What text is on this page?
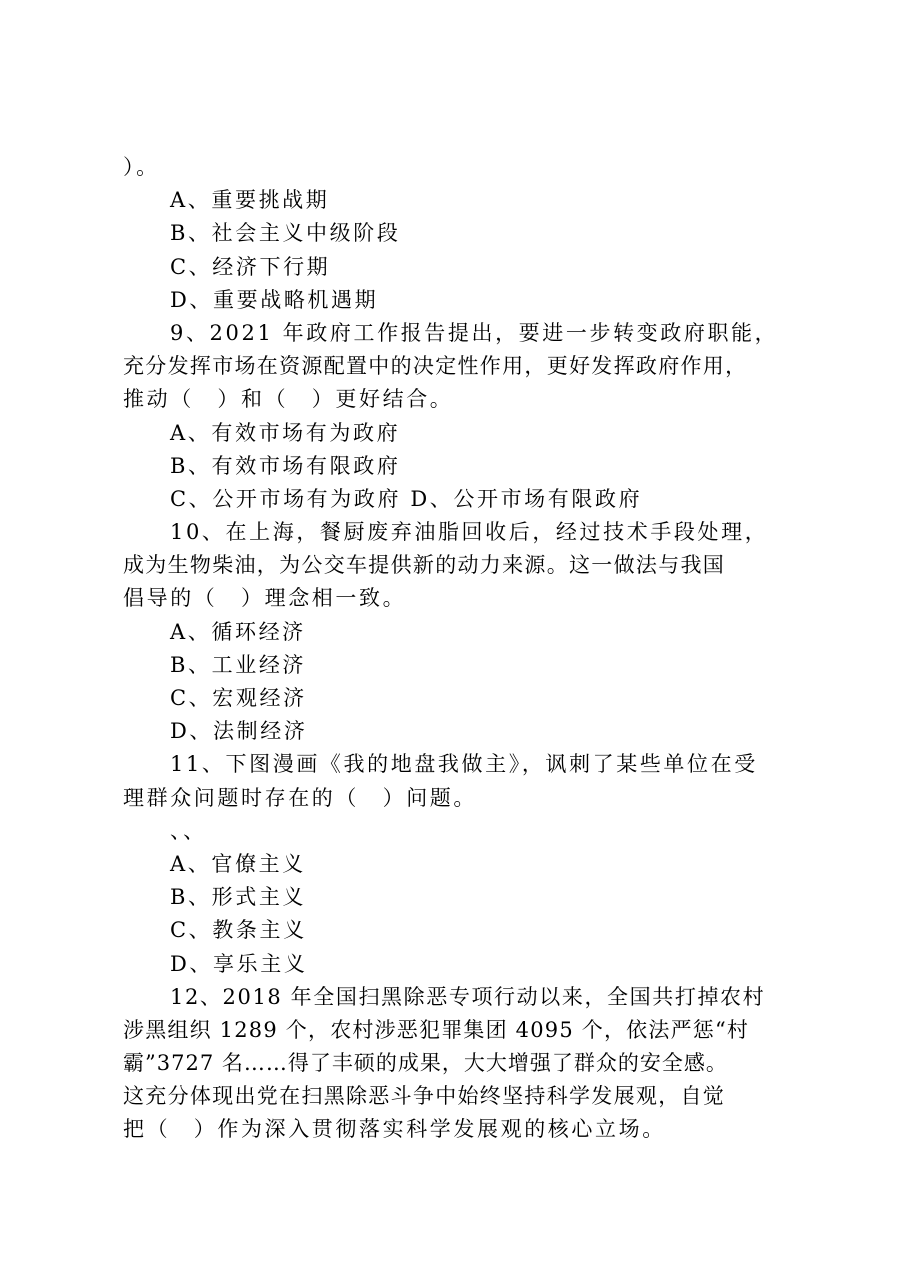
）。
A、重要挑战期
B、社会主义中级阶段
C、经济下行期
D、重要战略机遇期
9、2021 年政府工作报告提出，要进一步转变政府职能，
充分发挥市场在资源配置中的决定性作用，更好发挥政府作用，
推动（　）和（　）更好结合。
A、有效市场有为政府
B、有效市场有限政府
C、公开市场有为政府 D、公开市场有限政府
10、在上海，餐厨废弃油脂回收后，经过技术手段处理，
成为生物柴油，为公交车提供新的动力来源。这一做法与我国
倡导的（　）理念相一致。
A、循环经济
B、工业经济
C、宏观经济
D、法制经济
11、下图漫画《我的地盘我做主》，讽刺了某些单位在受
理群众问题时存在的（　）问题。
、、
A、官僚主义
B、形式主义
C、教条主义
D、享乐主义
12、2018 年全国扫黑除恶专项行动以来，全国共打掉农村
涉黑组织 1289 个，农村涉恶犯罪集团 4095 个，依法严惩“村
霸”3727 名……得了丰硕的成果，大大增强了群众的安全感。
这充分体现出党在扫黑除恶斗争中始终坚持科学发展观，自觉
把（　）作为深入贯彻落实科学发展观的核心立场。
